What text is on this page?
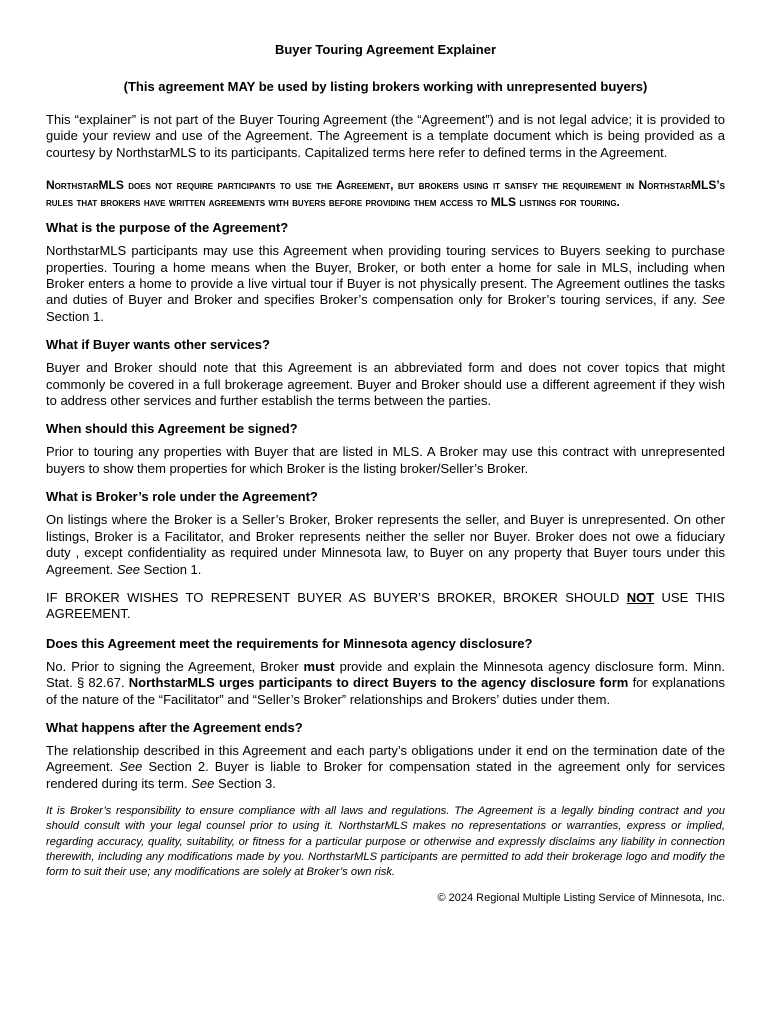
Buyer Touring Agreement Explainer
(This agreement MAY be used by listing brokers working with unrepresented buyers)

This “explainer” is not part of the Buyer Touring Agreement (the “Agreement”) and is not legal advice; it is provided to guide your review and use of the Agreement. The Agreement is a template document which is being provided as a courtesy by NorthstarMLS to its participants. Capitalized terms here refer to defined terms in the Agreement.

NorthstarMLS does not require participants to use the Agreement, but brokers using it satisfy the requirement in NorthstarMLS’s rules that brokers have written agreements with buyers before providing them access to MLS listings for touring.

What is the purpose of the Agreement?

NorthstarMLS participants may use this Agreement when providing touring services to Buyers seeking to purchase properties. Touring a home means when the Buyer, Broker, or both enter a home for sale in MLS, including when Broker enters a home to provide a live virtual tour if Buyer is not physically present. The Agreement outlines the tasks and duties of Buyer and Broker and specifies Broker’s compensation only for Broker’s touring services, if any. See Section 1.

What if Buyer wants other services?

Buyer and Broker should note that this Agreement is an abbreviated form and does not cover topics that might commonly be covered in a full brokerage agreement. Buyer and Broker should use a different agreement if they wish to address other services and further establish the terms between the parties.

When should this Agreement be signed?

Prior to touring any properties with Buyer that are listed in MLS. A Broker may use this contract with unrepresented buyers to show them properties for which Broker is the listing broker/Seller’s Broker.

What is Broker’s role under the Agreement?

On listings where the Broker is a Seller’s Broker, Broker represents the seller, and Buyer is unrepresented. On other listings, Broker is a Facilitator, and Broker represents neither the seller nor Buyer. Broker does not owe a fiduciary duty , except confidentiality as required under Minnesota law, to Buyer on any property that Buyer tours under this Agreement. See Section 1.

IF BROKER WISHES TO REPRESENT BUYER AS BUYER’S BROKER, BROKER SHOULD NOT USE THIS AGREEMENT.

Does this Agreement meet the requirements for Minnesota agency disclosure?

No. Prior to signing the Agreement, Broker must provide and explain the Minnesota agency disclosure form. Minn. Stat. § 82.67. NorthstarMLS urges participants to direct Buyers to the agency disclosure form for explanations of the nature of the “Facilitator” and “Seller’s Broker” relationships and Brokers’ duties under them.

What happens after the Agreement ends?

The relationship described in this Agreement and each party’s obligations under it end on the termination date of the Agreement. See Section 2. Buyer is liable to Broker for compensation stated in the agreement only for services rendered during its term. See Section 3.

It is Broker’s responsibility to ensure compliance with all laws and regulations. The Agreement is a legally binding contract and you should consult with your legal counsel prior to using it. NorthstarMLS makes no representations or warranties, express or implied, regarding accuracy, quality, suitability, or fitness for a particular purpose or otherwise and expressly disclaims any liability in connection therewith, including any modifications made by you. NorthstarMLS participants are permitted to add their brokerage logo and modify the form to suit their use; any modifications are solely at Broker’s own risk.

© 2024 Regional Multiple Listing Service of Minnesota, Inc.
